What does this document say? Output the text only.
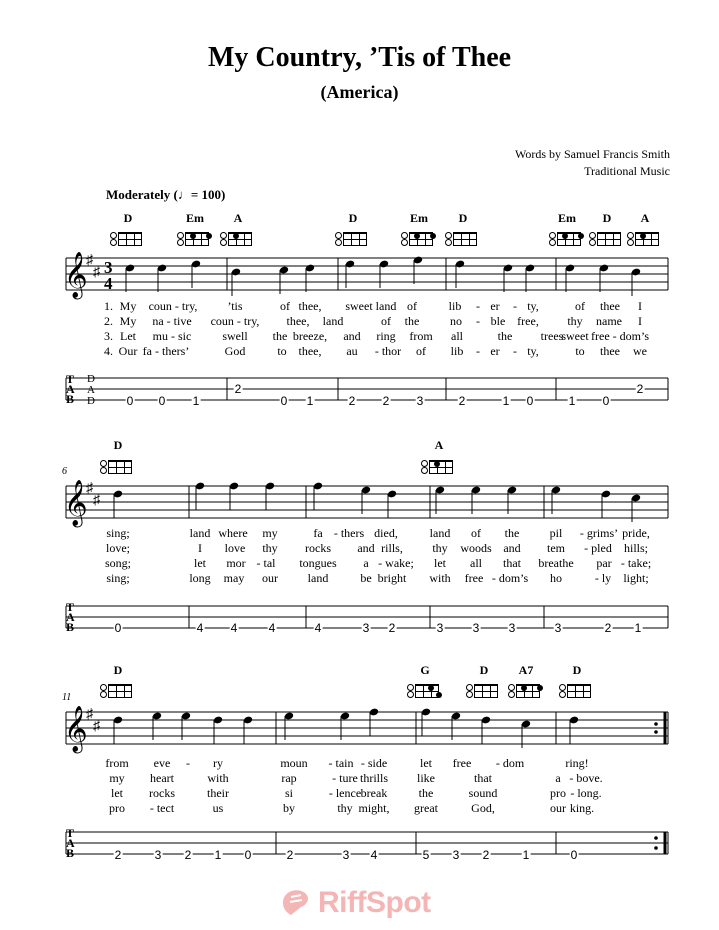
My Country, ’Tis of Thee
(America)
Words by Samuel Francis Smith
Traditional Music
Moderately (♩= 100)
D	Em A	D	Em	D	Em D A
D	A
D	G	D	A7	D
𝄞
♯
♯ 3
4
T
A
B
D
A
D
𝄞
♯
♯
T
A
B
𝄞
♯
♯
T
A
B
1. My coun - try,	’tis	of thee, sweet land of	lib - er - ty,	of thee I
2. My na - tive coun - try, thee, land	of the	no - ble free, thy name I
3. Let mu - sic	swell the breeze, and ring from all	the trees
sweet free - dom’s
4. Our fa - thers’	God	to thee, au - thor of lib - er - ty,	to thee we
sing;	land where my	fa - thers died,	land of the	pil - grims’ pride,
love;	I love thy rocks and rills, thy woods and tem - pled hills;
song;	let mor - tal tongues a - wake; let all that breathe par - take;
sing;	long may our land	be bright with free - dom’s ho	- ly light;
from eve - ry	moun - tain - side	let free - dom	ring!
my heart	with	rap	- ture thrills like	that	a - bove.
let rocks	their	si	- lence break	the	sound	pro - long.
pro - tect	us	by	thy might, great	God,	our king.
0 0 1
2
0 1	2 2 3	2	1 0	1 0
2
0	4 4	4	4	3 2	3 3 3	3	2 1
2	3 2 1 0	2	3 4	5 3 2	1	0
6
11
RiffSpot
